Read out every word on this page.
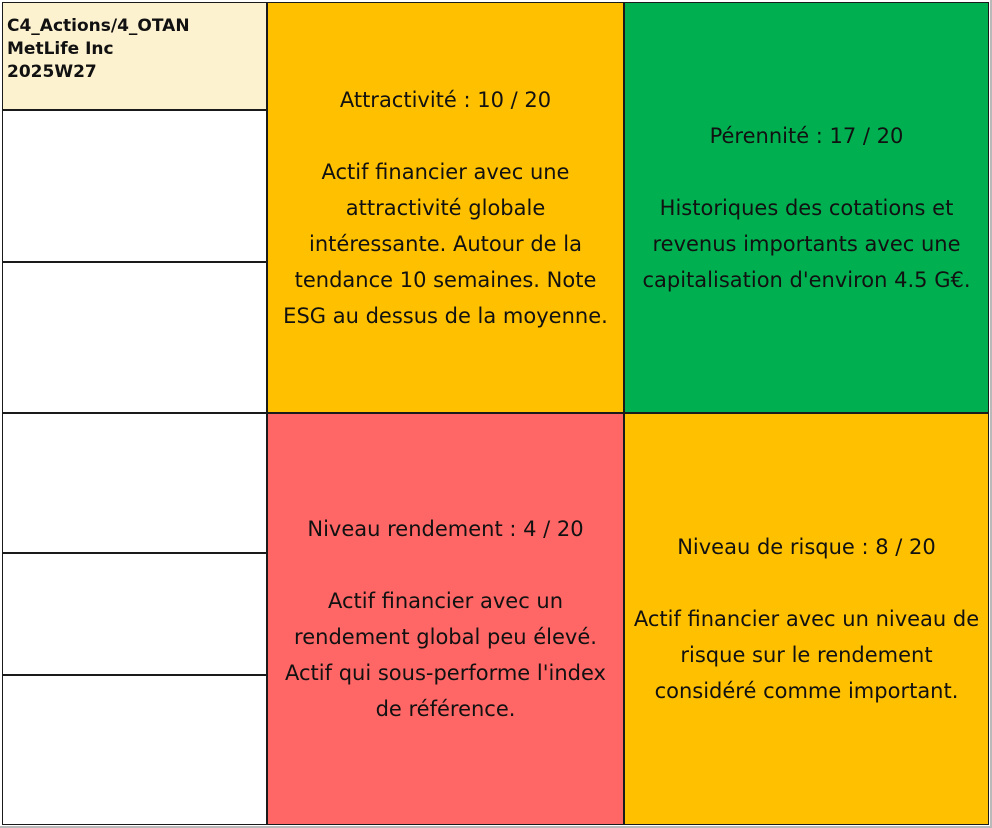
C4_Actions/4_OTAN
MetLife Inc
2025W27
Attractivité : 10 / 20
Actif financier avec une
attractivité globale
intéressante. Autour de la
tendance 10 semaines. Note
ESG au dessus de la moyenne.
Pérennité : 17 / 20
Historiques des cotations et
revenus importants avec une
capitalisation d'environ 4.5 G€.
Niveau rendement : 4 / 20
Actif financier avec un
rendement global peu élevé.
Actif qui sous-performe l'index
de référence.
Niveau de risque : 8 / 20
Actif financier avec un niveau de
risque sur le rendement
considéré comme important.
